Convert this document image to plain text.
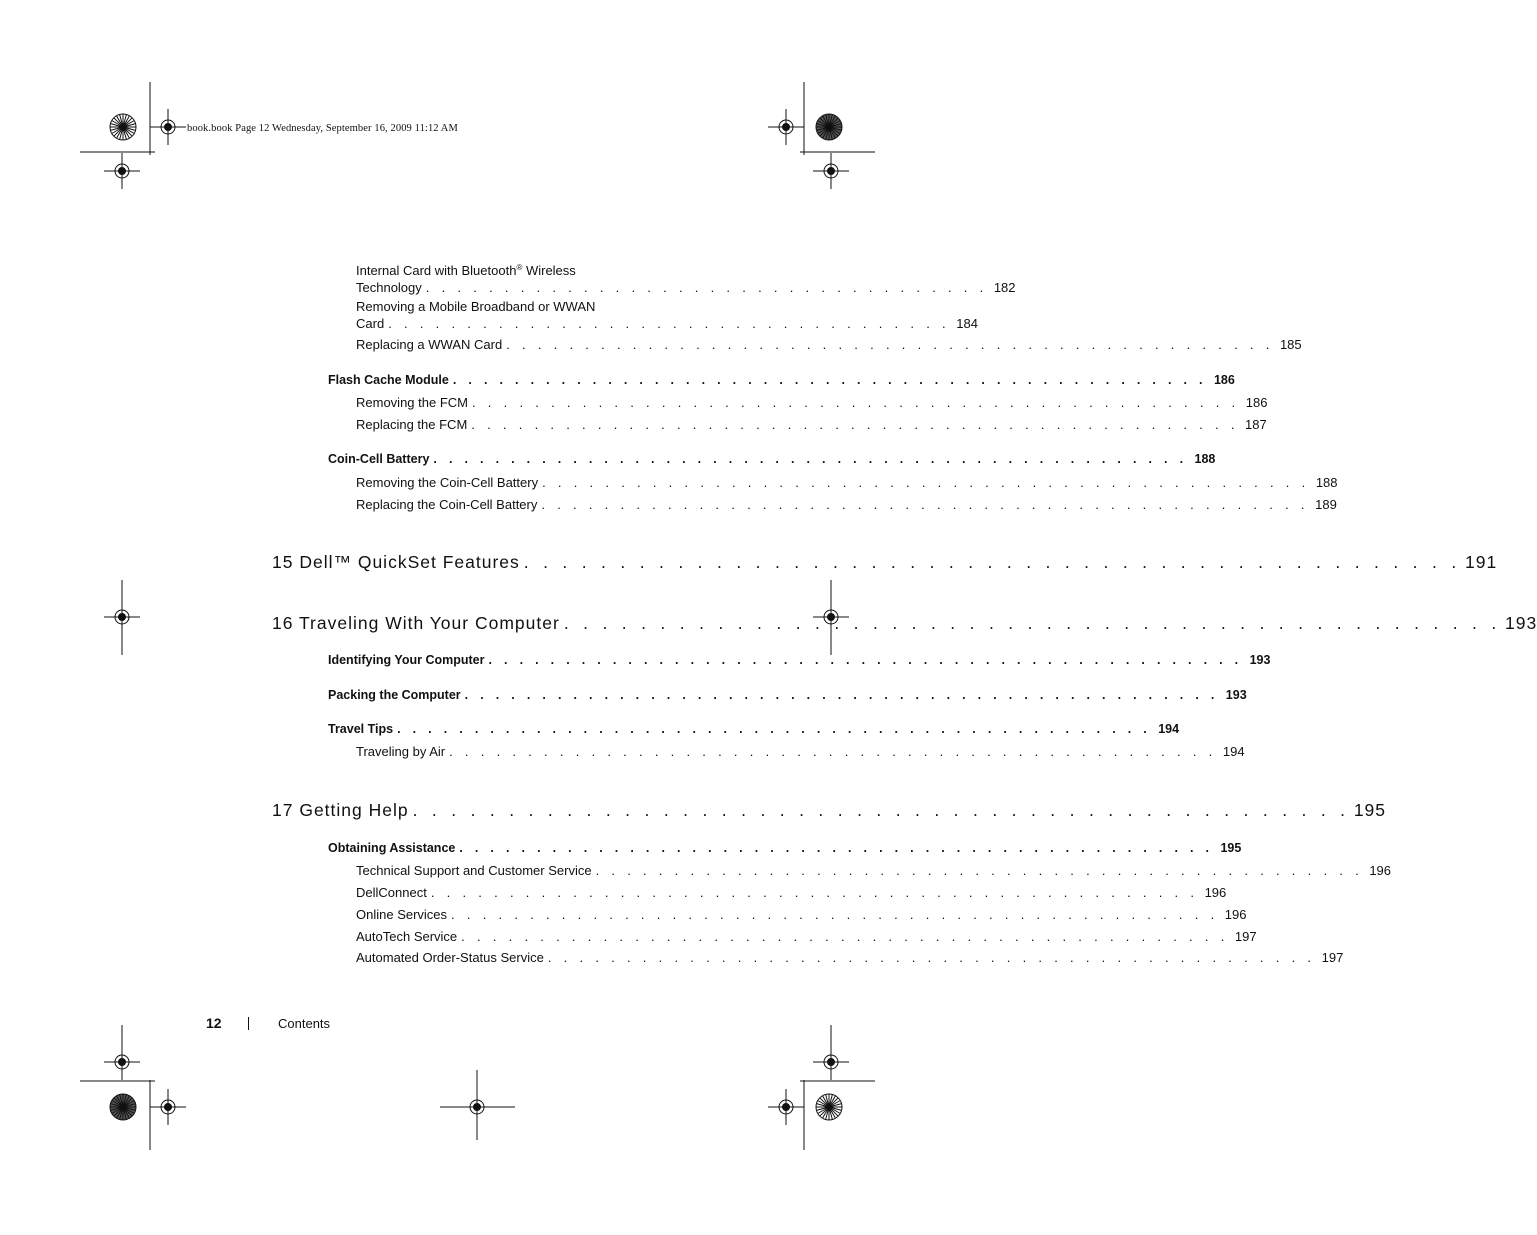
book.book Page 12 Wednesday, September 16, 2009 11:12 AM
Internal Card with Bluetooth® Wireless
Technology . . . . . . . . . . . . . . . . . . . . . . . . . . . . . . . . . . . . 182
Removing a Mobile Broadband or WWAN
Card . . . . . . . . . . . . . . . . . . . . . . . . . . . . . . . . . . . . 184
Replacing a WWAN Card . . . . . . . . . . . . . . . . . . . . . . . . . . . . . . . . . . . . . . . . . . . . . . . . . 185
Flash Cache Module . . . . . . . . . . . . . . . . . . . . . . . . . . . . . . . . . . . . . . . . . . . . . . . . . 186
Removing the FCM . . . . . . . . . . . . . . . . . . . . . . . . . . . . . . . . . . . . . . . . . . . . . . . . . 186
Replacing the FCM . . . . . . . . . . . . . . . . . . . . . . . . . . . . . . . . . . . . . . . . . . . . . . . . . 187
Coin-Cell Battery . . . . . . . . . . . . . . . . . . . . . . . . . . . . . . . . . . . . . . . . . . . . . . . . . 188
Removing the Coin-Cell Battery . . . . . . . . . . . . . . . . . . . . . . . . . . . . . . . . . . . . . . . . . . . . . . . . . 188
Replacing the Coin-Cell Battery . . . . . . . . . . . . . . . . . . . . . . . . . . . . . . . . . . . . . . . . . . . . . . . . . 189
15 Dell™ QuickSet Features . . . . . . . . . . . . . . . . . . . . . . . . . . . . . . . . . . . . . . . . . . . . . . . . . 191
16 Traveling With Your Computer . . . . . . . . . . . . . . . . . . . . . . . . . . . . . . . . . . . . . . . . . . . . . . . . . 193
Identifying Your Computer . . . . . . . . . . . . . . . . . . . . . . . . . . . . . . . . . . . . . . . . . . . . . . . . . 193
Packing the Computer . . . . . . . . . . . . . . . . . . . . . . . . . . . . . . . . . . . . . . . . . . . . . . . . . 193
Travel Tips . . . . . . . . . . . . . . . . . . . . . . . . . . . . . . . . . . . . . . . . . . . . . . . . . 194
Traveling by Air . . . . . . . . . . . . . . . . . . . . . . . . . . . . . . . . . . . . . . . . . . . . . . . . . 194
17 Getting Help . . . . . . . . . . . . . . . . . . . . . . . . . . . . . . . . . . . . . . . . . . . . . . . . . 195
Obtaining Assistance . . . . . . . . . . . . . . . . . . . . . . . . . . . . . . . . . . . . . . . . . . . . . . . . . 195
Technical Support and Customer Service . . . . . . . . . . . . . . . . . . . . . . . . . . . . . . . . . . . . . . . . . . . . . . . . . 196
DellConnect . . . . . . . . . . . . . . . . . . . . . . . . . . . . . . . . . . . . . . . . . . . . . . . . . 196
Online Services . . . . . . . . . . . . . . . . . . . . . . . . . . . . . . . . . . . . . . . . . . . . . . . . . 196
AutoTech Service . . . . . . . . . . . . . . . . . . . . . . . . . . . . . . . . . . . . . . . . . . . . . . . . . 197
Automated Order-Status Service . . . . . . . . . . . . . . . . . . . . . . . . . . . . . . . . . . . . . . . . . . . . . . . . . 197
12	Contents
